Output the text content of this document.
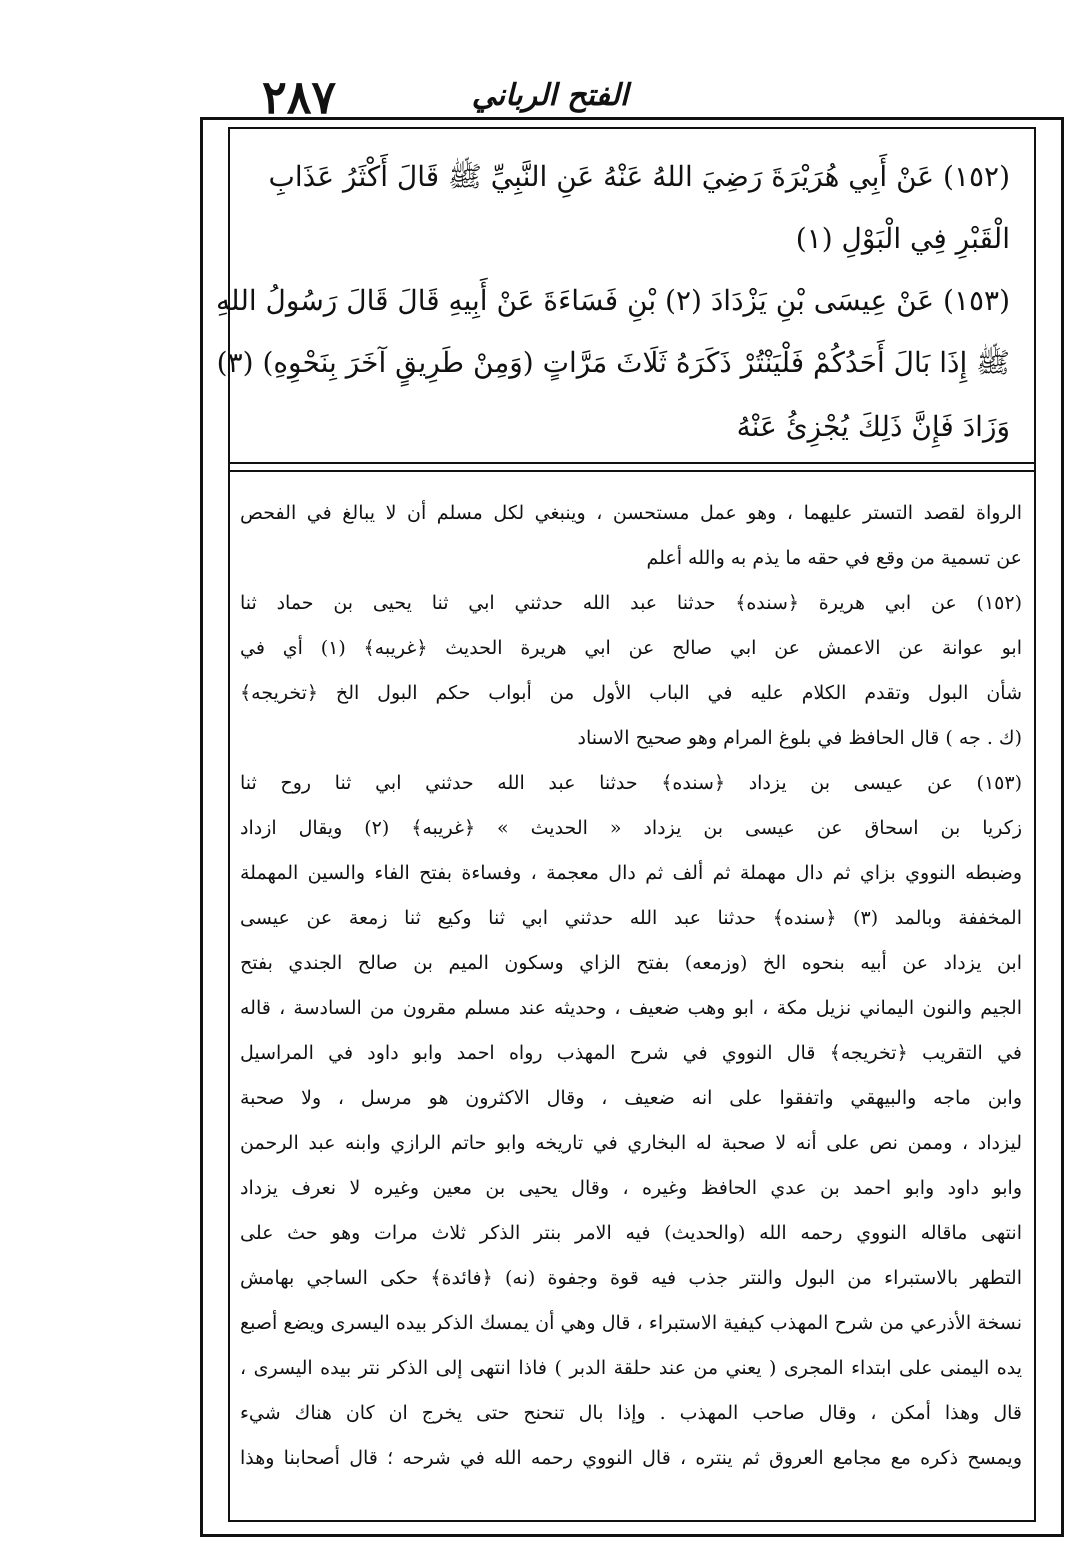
٢٨٧	الفتح الرباني
(١٥٢) عَنْ أَبِي هُرَيْرَةَ رَضِيَ اللهُ عَنْهُ عَنِ النَّبِيِّ ﷺ قَالَ أَكْثَرُ عَذَابِ
الْقَبْرِ فِي الْبَوْلِ (١)
(١٥٣) عَنْ عِيسَى بْنِ يَزْدَادَ (٢) بْنِ فَسَاءَةَ عَنْ أَبِيهِ قَالَ قَالَ رَسُولُ اللهِ
ﷺ إِذَا بَالَ أَحَدُكُمْ فَلْيَنْتُرْ ذَكَرَهُ ثَلَاثَ مَرَّاتٍ (وَمِنْ طَرِيقٍ آخَرَ بِنَحْوِهِ) (٣)
وَزَادَ فَإِنَّ ذَلِكَ يُجْزِئُ عَنْهُ
الرواة لقصد التستر عليهما ، وهو عمل مستحسن ، وينبغي لكل مسلم أن لا يبالغ في الفحص
عن تسمية من وقع في حقه ما يذم به والله أعلم
(١٥٢) عن ابي هريرة ﴿سنده﴾ حدثنا عبد الله حدثني ابي ثنا يحيى بن حماد ثنا
ابو عوانة عن الاعمش عن ابي صالح عن ابي هريرة الحديث ﴿غريبه﴾ (١) أي في
شأن البول وتقدم الكلام عليه في الباب الأول من أبواب حكم البول الخ ﴿تخريجه﴾
(ك . جه ) قال الحافظ في بلوغ المرام وهو صحيح الاسناد
(١٥٣) عن عيسى بن يزداد ﴿سنده﴾ حدثنا عبد الله حدثني ابي ثنا روح ثنا
زكريا بن اسحاق عن عيسى بن يزداد « الحديث » ﴿غريبه﴾ (٢) ويقال ازداد
وضبطه النووي بزاي ثم دال مهملة ثم ألف ثم دال معجمة ، وفساءة بفتح الفاء والسين المهملة
المخففة وبالمد (٣) ﴿سنده﴾ حدثنا عبد الله حدثني ابي ثنا وكيع ثنا زمعة عن عيسى
ابن يزداد عن أبيه بنحوه الخ (وزمعه) بفتح الزاي وسكون الميم بن صالح الجندي بفتح
الجيم والنون اليماني نزيل مكة ، ابو وهب ضعيف ، وحديثه عند مسلم مقرون من السادسة ، قاله
في التقريب ﴿تخريجه﴾ قال النووي في شرح المهذب رواه احمد وابو داود في المراسيل
وابن ماجه والبيهقي واتفقوا على انه ضعيف ، وقال الاكثرون هو مرسل ، ولا صحبة
ليزداد ، وممن نص على أنه لا صحبة له البخاري في تاريخه وابو حاتم الرازي وابنه عبد الرحمن
وابو داود وابو احمد بن عدي الحافظ وغيره ، وقال يحيى بن معين وغيره لا نعرف يزداد
انتهى ماقاله النووي رحمه الله (والحديث) فيه الامر بنتر الذكر ثلاث مرات وهو حث على
التطهر بالاستبراء من البول والنتر جذب فيه قوة وجفوة (نه) ﴿فائدة﴾ حكى الساجي بهامش
نسخة الأذرعي من شرح المهذب كيفية الاستبراء ، قال وهي أن يمسك الذكر بيده اليسرى ويضع أصبع
يده اليمنى على ابتداء المجرى ( يعني من عند حلقة الدبر ) فاذا انتهى إلى الذكر نتر بيده اليسرى ،
قال وهذا أمكن ، وقال صاحب المهذب . وإذا بال تنحنح حتى يخرج ان كان هناك شيء
ويمسح ذكره مع مجامع العروق ثم ينتره ، قال النووي رحمه الله في شرحه ؛ قال أصحابنا وهذا
